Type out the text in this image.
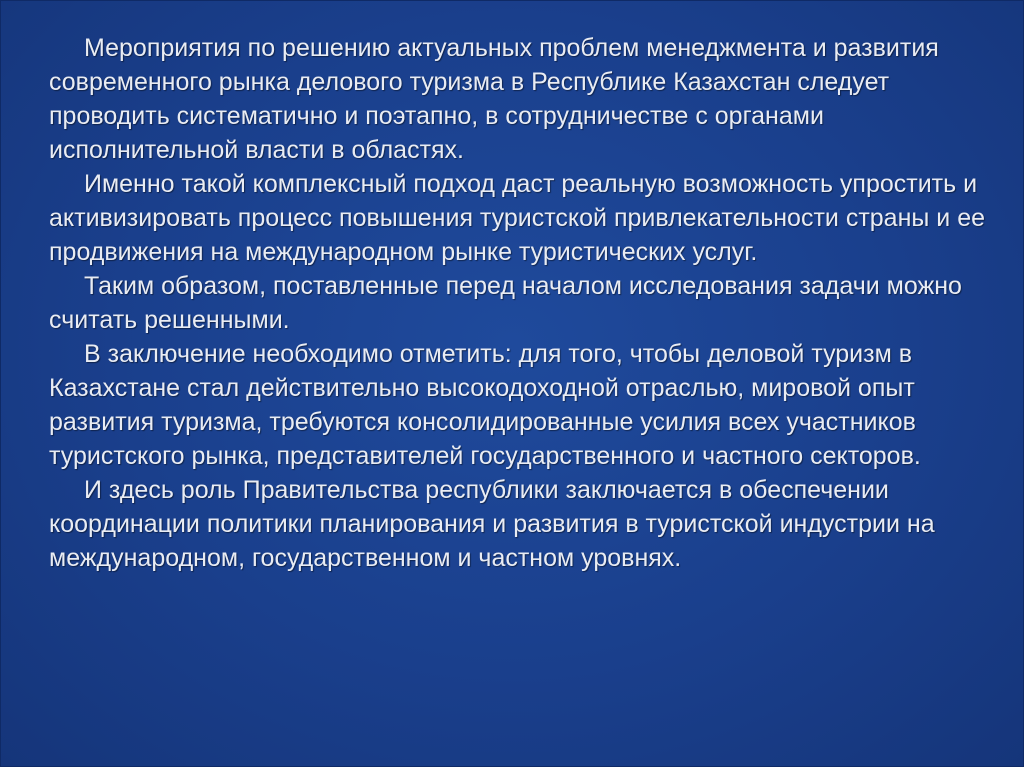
Мероприятия по решению актуальных проблем менеджмента и развития современного рынка делового туризма в Республике Казахстан следует проводить систематично и поэтапно, в сотрудничестве с органами исполнительной власти в областях.

Именно такой комплексный подход даст реальную возможность упростить и активизировать процесс повышения туристской привлекательности страны и ее продвижения на международном рынке туристических услуг.

Таким образом, поставленные перед началом исследования задачи можно считать решенными.

В заключение необходимо отметить: для того, чтобы деловой туризм в Казахстане стал действительно высокодоходной отраслью, мировой опыт развития туризма, требуются консолидированные усилия всех участников туристского рынка, представителей государственного и частного секторов.

И здесь роль Правительства республики заключается в обеспечении координации политики планирования и развития в туристской индустрии на международном, государственном и частном уровнях.
